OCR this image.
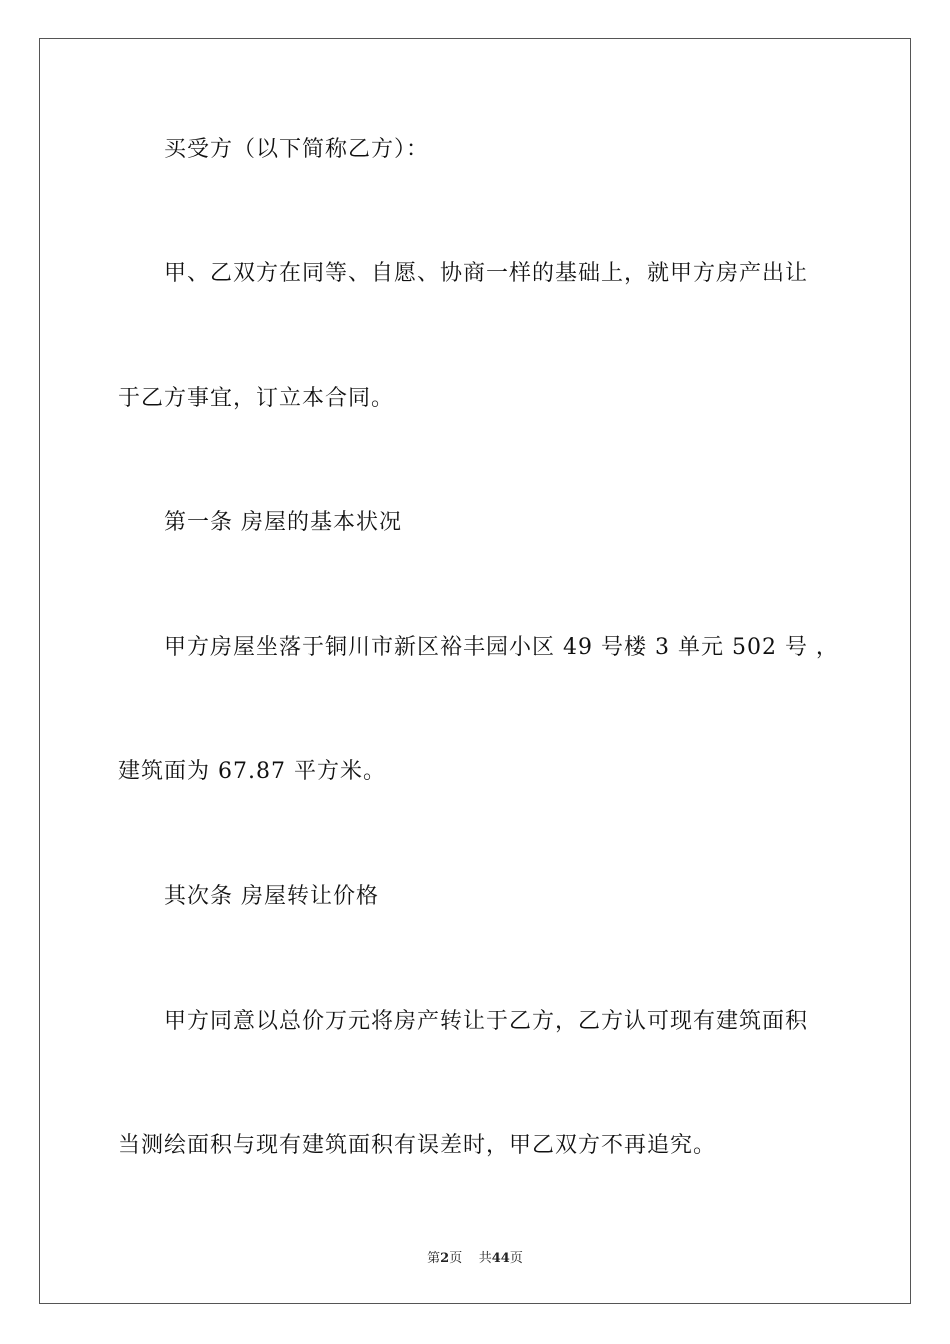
买受方（以下简称乙方）：
甲、乙双方在同等、自愿、协商一样的基础上，就甲方房产出让
于乙方事宜，订立本合同。
第一条 房屋的基本状况
甲方房屋坐落于铜川市新区裕丰园小区 49 号楼 3 单元 502 号 ，
建筑面为 67.87 平方米。
其次条 房屋转让价格
甲方同意以总价万元将房产转让于乙方，乙方认可现有建筑面积
当测绘面积与现有建筑面积有误差时，甲乙双方不再追究。
第2页 共44页
